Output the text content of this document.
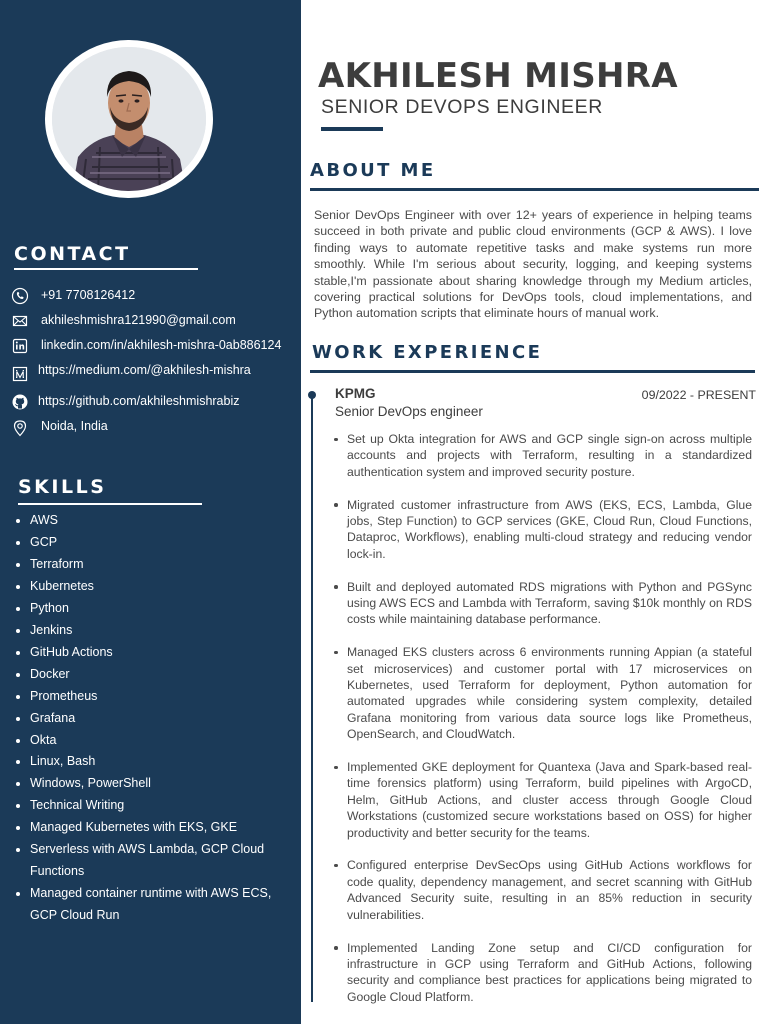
CONTACT
+91 7708126412
akhileshmishra121990@gmail.com
linkedin.com/in/akhilesh-mishra-0ab886124
https://medium.com/@akhilesh-mishra
https://github.com/akhileshmishrabiz
Noida, India
SKILLS
AWS
GCP
Terraform
Kubernetes
Python
Jenkins
GitHub Actions
Docker
Prometheus
Grafana
Okta
Linux, Bash
Windows, PowerShell
Technical Writing
Managed Kubernetes with EKS, GKE
Serverless with AWS Lambda, GCP Cloud Functions
Managed container runtime with AWS ECS, GCP Cloud Run
AKHILESH MISHRA
SENIOR DEVOPS ENGINEER
ABOUT ME

Senior DevOps Engineer with over 12+ years of experience in helping teams succeed in both private and public cloud environments (GCP & AWS). I love finding ways to automate repetitive tasks and make systems run more smoothly. While I'm serious about security, logging, and keeping systems stable,I'm passionate about sharing knowledge through my Medium articles, covering practical solutions for DevOps tools, cloud implementations, and Python automation scripts that eliminate hours of manual work.

WORK EXPERIENCE
KPMG	09/2022 - PRESENT
Senior DevOps engineer
Set up Okta integration for AWS and GCP single sign-on across multiple accounts and projects with Terraform, resulting in a standardized authentication system and improved security posture.
Migrated customer infrastructure from AWS (EKS, ECS, Lambda, Glue jobs, Step Function) to GCP services (GKE, Cloud Run, Cloud Functions, Dataproc, Workflows), enabling multi-cloud strategy and reducing vendor lock-in.
Built and deployed automated RDS migrations with Python and PGSync using AWS ECS and Lambda with Terraform, saving $10k monthly on RDS costs while maintaining database performance.
Managed EKS clusters across 6 environments running Appian (a stateful set microservices) and customer portal with 17 microservices on Kubernetes, used Terraform for deployment, Python automation for automated upgrades while considering system complexity, detailed Grafana monitoring from various data source logs like Prometheus, OpenSearch, and CloudWatch.
Implemented GKE deployment for Quantexa (Java and Spark-based real-time forensics platform) using Terraform, build pipelines with ArgoCD, Helm, GitHub Actions, and cluster access through Google Cloud Workstations (customized secure workstations based on OSS) for higher productivity and better security for the teams.
Configured enterprise DevSecOps using GitHub Actions workflows for code quality, dependency management, and secret scanning with GitHub Advanced Security suite, resulting in an 85% reduction in security vulnerabilities.
Implemented Landing Zone setup and CI/CD configuration for infrastructure in GCP using Terraform and GitHub Actions, following security and compliance best practices for applications being migrated to Google Cloud Platform.
